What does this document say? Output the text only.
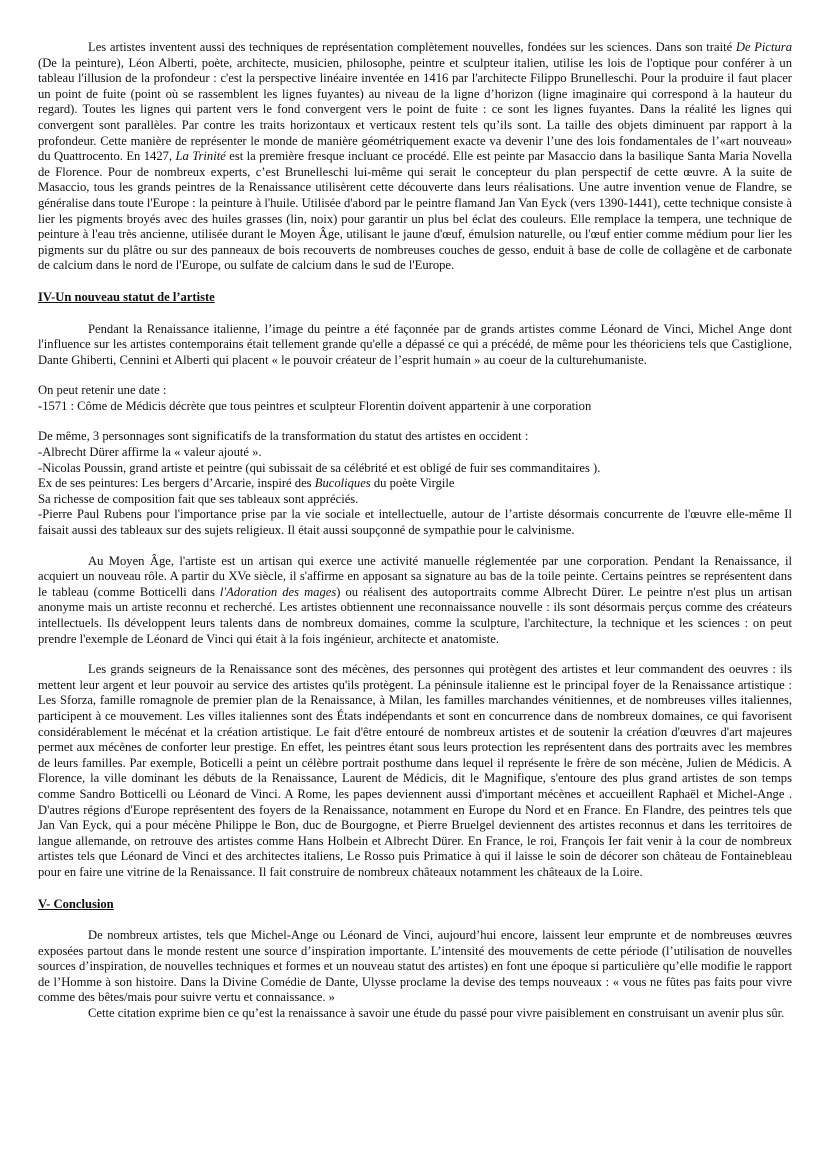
Les artistes inventent aussi des techniques de représentation complètement nouvelles, fondées sur les sciences. Dans son traité De Pictura (De la peinture), Léon Alberti, poète, architecte, musicien, philosophe, peintre et sculpteur italien, utilise les lois de l'optique pour conférer à un tableau l'illusion de la profondeur : c'est la perspective linéaire inventée en 1416 par l'architecte Filippo Brunelleschi. Pour la produire il faut placer un point de fuite (point où se rassemblent les lignes fuyantes) au niveau de la ligne d’horizon (ligne imaginaire qui correspond à la hauteur du regard). Toutes les lignes qui partent vers le fond convergent vers le point de fuite : ce sont les lignes fuyantes. Dans la réalité les lignes qui convergent sont parallèles. Par contre les traits horizontaux et verticaux restent tels qu’ils sont. La taille des objets diminuent par rapport à la profondeur. Cette manière de représenter le monde de manière géométriquement exacte va devenir l’une des lois fondamentales de l’«art nouveau» du Quattrocento. En 1427, La Trinité est la première fresque incluant ce procédé. Elle est peinte par Masaccio dans la basilique Santa Maria Novella de Florence. Pour de nombreux experts, c’est Brunelleschi lui-même qui serait le concepteur du plan perspectif de cette œuvre. A la suite de Masaccio, tous les grands peintres de la Renaissance utilisèrent cette découverte dans leurs réalisations. Une autre invention venue de Flandre, se généralise dans toute l'Europe : la peinture à l'huile. Utilisée d'abord par le peintre flamand Jan Van Eyck (vers 1390-1441), cette technique consiste à lier les pigments broyés avec des huiles grasses (lin, noix) pour garantir un plus bel éclat des couleurs. Elle remplace la tempera, une technique de peinture à l'eau très ancienne, utilisée durant le Moyen Âge, utilisant le jaune d'œuf, émulsion naturelle, ou l'œuf entier comme médium pour lier les pigments sur du plâtre ou sur des panneaux de bois recouverts de nombreuses couches de gesso, enduit à base de colle de collagène et de carbonate de calcium dans le nord de l'Europe, ou sulfate de calcium dans le sud de l'Europe.

IV-Un nouveau statut de l’artiste

Pendant la Renaissance italienne, l’image du peintre a été façonnée par de grands artistes comme Léonard de Vinci, Michel Ange dont l'influence sur les artistes contemporains était tellement grande qu'elle a dépassé ce qui a précédé, de même pour les théoriciens tels que Castiglione, Dante Ghiberti, Cennini et Alberti qui placent « le pouvoir créateur de l’esprit humain » au coeur de la culturehumaniste.

On peut retenir une date :

-1571 : Côme de Médicis décrète que tous peintres et sculpteur Florentin doivent appartenir à une corporation

De même, 3 personnages sont significatifs de la transformation du statut des artistes en occident :

-Albrecht Dürer affirme la « valeur ajouté ».

-Nicolas Poussin, grand artiste et peintre (qui subissait de sa célébrité et est obligé de fuir ses commanditaires ).

Ex de ses peintures: Les bergers d’Arcarie, inspiré des Bucoliques du poète Virgile

Sa richesse de composition fait que ses tableaux sont appréciés.

-Pierre Paul Rubens pour l'importance prise par la vie sociale et intellectuelle, autour de l’artiste désormais concurrente de l'œuvre elle-même Il faisait aussi des tableaux sur des sujets religieux. Il était aussi soupçonné de sympathie pour le calvinisme.

Au Moyen Âge, l'artiste est un artisan qui exerce une activité manuelle réglementée par une corporation. Pendant la Renaissance, il acquiert un nouveau rôle. A partir du XVe siècle, il s'affirme en apposant sa signature au bas de la toile peinte. Certains peintres se représentent dans le tableau (comme Botticelli dans l'Adoration des mages) ou réalisent des autoportraits comme Albrecht Dürer. Le peintre n'est plus un artisan anonyme mais un artiste reconnu et recherché. Les artistes obtiennent une reconnaissance nouvelle : ils sont désormais perçus comme des créateurs intellectuels. Ils développent leurs talents dans de nombreux domaines, comme la sculpture, l'architecture, la technique et les sciences : on peut prendre l'exemple de Léonard de Vinci qui était à la fois ingénieur, architecte et anatomiste.

Les grands seigneurs de la Renaissance sont des mécènes, des personnes qui protègent des artistes et leur commandent des oeuvres : ils mettent leur argent et leur pouvoir au service des artistes qu'ils protègent. La péninsule italienne est le principal foyer de la Renaissance artistique : Les Sforza, famille romagnole de premier plan de la Renaissance, à Milan, les familles marchandes vénitiennes, et de nombreuses villes italiennes, participent à ce mouvement. Les villes italiennes sont des États indépendants et sont en concurrence dans de nombreux domaines, ce qui favorisent considérablement le mécénat et la création artistique. Le fait d'être entouré de nombreux artistes et de soutenir la création d'œuvres d'art majeures permet aux mécènes de conforter leur prestige. En effet, les peintres étant sous leurs protection les représentent dans des portraits avec les membres de leurs familles. Par exemple, Boticelli a peint un célèbre portrait posthume dans lequel il représente le frère de son mécène, Julien de Médicis. A Florence, la ville dominant les débuts de la Renaissance, Laurent de Médicis, dit le Magnifique, s'entoure des plus grand artistes de son temps comme Sandro Botticelli ou Léonard de Vinci. A Rome, les papes deviennent aussi d'important mécènes et accueillent Raphaël et Michel-Ange . D'autres régions d'Europe représentent des foyers de la Renaissance, notamment en Europe du Nord et en France. En Flandre, des peintres tels que Jan Van Eyck, qui a pour mécène Philippe le Bon, duc de Bourgogne, et Pierre Bruelgel deviennent des artistes reconnus et dans les territoires de langue allemande, on retrouve des artistes comme Hans Holbein et Albrecht Dürer. En France, le roi, François Ier fait venir à la cour de nombreux artistes tels que Léonard de Vinci et des architectes italiens, Le Rosso puis Primatice à qui il laisse le soin de décorer son château de Fontainebleau pour en faire une vitrine de la Renaissance. Il fait construire de nombreux châteaux notamment les châteaux de la Loire.

V- Conclusion

De nombreux artistes, tels que Michel-Ange ou Léonard de Vinci, aujourd’hui encore, laissent leur emprunte et de nombreuses œuvres exposées partout dans le monde restent une source d’inspiration importante. L’intensité des mouvements de cette période (l’utilisation de nouvelles sources d’inspiration, de nouvelles techniques et formes et un nouveau statut des artistes) en font une époque si particulière qu’elle modifie le rapport de l’Homme à son histoire. Dans la Divine Comédie de Dante, Ulysse proclame la devise des temps nouveaux : « vous ne fûtes pas faits pour vivre comme des bêtes/mais pour suivre vertu et connaissance. »

Cette citation exprime bien ce qu’est la renaissance à savoir une étude du passé pour vivre paisiblement en construisant un avenir plus sûr.
